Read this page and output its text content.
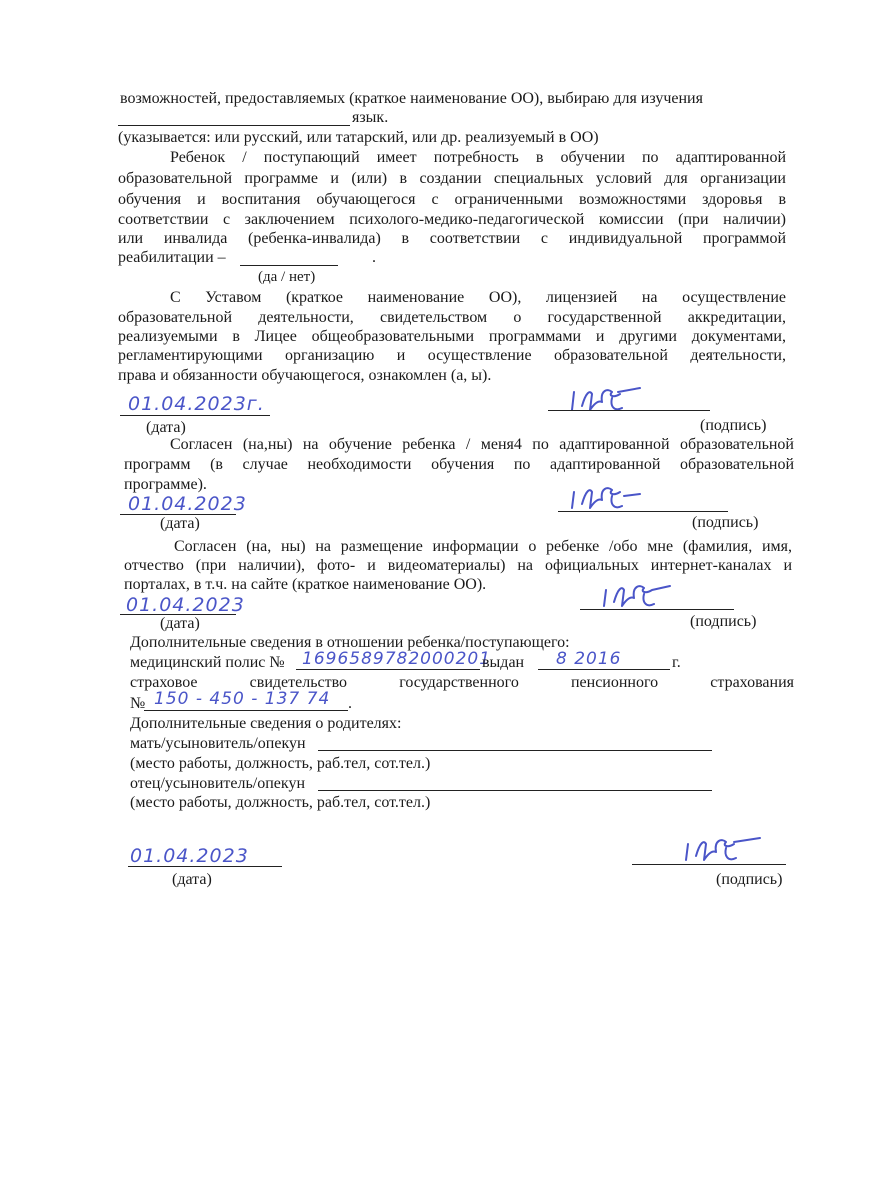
возможностей, предоставляемых (краткое наименование ОО), выбираю для изучения
язык.
(указывается: или русский, или татарский, или др. реализуемый в ОО)
Ребенок / поступающий имеет потребность в обучении по адаптированной
образовательной программе и (или) в создании специальных условий для организации
обучения и воспитания обучающегося с ограниченными возможностями здоровья в
соответствии с заключением психолого-медико-педагогической комиссии (при наличии)
или инвалида (ребенка-инвалида) в соответствии с индивидуальной программой
реабилитации –	.
(да / нет)
С Уставом (краткое наименование ОО), лицензией на осуществление
образовательной деятельности, свидетельством о государственной аккредитации,
реализуемыми в Лицее общеобразовательными программами и другими документами,
регламентирующими организацию и осуществление образовательной деятельности,
права и обязанности обучающегося, ознакомлен (а, ы).
01.04.2023г.
(дата)	(подпись)
Согласен (на,ны) на обучение ребенка / меня4 по адаптированной образовательной
программ (в случае необходимости обучения по адаптированной образовательной
программе).
01.04.2023
(дата)	(подпись)
Согласен (на, ны) на размещение информации о ребенке /обо мне (фамилия, имя,
отчество (при наличии), фото- и видеоматериалы) на официальных интернет-каналах и
порталах, в т.ч. на сайте (краткое наименование ОО).
01.04.2023
(дата)	(подпись)
Дополнительные сведения в отношении ребенка/поступающего:
медицинский полис № 1696589782000201
выдан 8 2016	г.
страховое свидетельство государственного пенсионного страхования
№ 150 - 450 - 137 74 .
Дополнительные сведения о родителях:
мать/усыновитель/опекун
(место работы, должность, раб.тел, сот.тел.)
отец/усыновитель/опекун
(место работы, должность, раб.тел, сот.тел.)
01.04.2023
(дата)	(подпись)
